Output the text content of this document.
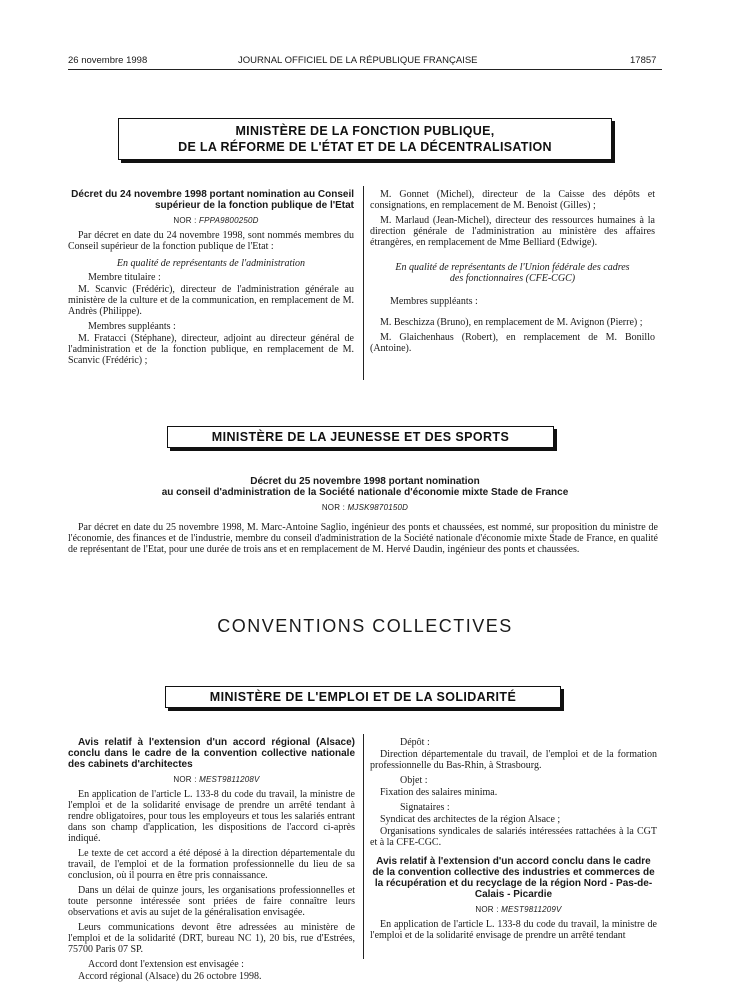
26 novembre 1998	JOURNAL OFFICIEL DE LA RÉPUBLIQUE FRANÇAISE	17857
MINISTÈRE DE LA FONCTION PUBLIQUE,
DE LA RÉFORME DE L'ÉTAT ET DE LA DÉCENTRALISATION

Décret du 24 novembre 1998 portant nomination au Conseil supérieur de la fonction publique de l'Etat

NOR : FPPA9800250D

Par décret en date du 24 novembre 1998, sont nommés membres du Conseil supérieur de la fonction publique de l'Etat :

En qualité de représentants de l'administration

Membre titulaire :

M. Scanvic (Frédéric), directeur de l'administration générale au ministère de la culture et de la communication, en remplacement de M. Andrès (Philippe).

Membres suppléants :

M. Fratacci (Stéphane), directeur, adjoint au directeur général de l'administration et de la fonction publique, en remplacement de M. Scanvic (Frédéric) ;

M. Gonnet (Michel), directeur de la Caisse des dépôts et consignations, en remplacement de M. Benoist (Gilles) ;

M. Marlaud (Jean-Michel), directeur des ressources humaines à la direction générale de l'administration au ministère des affaires étrangères, en remplacement de Mme Belliard (Edwige).

En qualité de représentants de l'Union fédérale des cadres des fonctionnaires (CFE-CGC)

Membres suppléants :

M. Beschizza (Bruno), en remplacement de M. Avignon (Pierre) ;

M. Glaichenhaus (Robert), en remplacement de M. Bonillo (Antoine).

MINISTÈRE DE LA JEUNESSE ET DES SPORTS
Décret du 25 novembre 1998 portant nomination
au conseil d'administration de la Société nationale d'économie mixte Stade de France
NOR : MJSK9870150D

Par décret en date du 25 novembre 1998, M. Marc-Antoine Saglio, ingénieur des ponts et chaussées, est nommé, sur proposition du ministre de l'économie, des finances et de l'industrie, membre du conseil d'administration de la Société nationale d'économie mixte Stade de France, en qualité de représentant de l'Etat, pour une durée de trois ans et en remplacement de M. Hervé Daudin, ingénieur des ponts et chaussées.

CONVENTIONS COLLECTIVES
MINISTÈRE DE L'EMPLOI ET DE LA SOLIDARITÉ

Avis relatif à l'extension d'un accord régional (Alsace) conclu dans le cadre de la convention collective nationale des cabinets d'architectes

NOR : MEST9811208V

En application de l'article L. 133-8 du code du travail, la ministre de l'emploi et de la solidarité envisage de prendre un arrêté tendant à rendre obligatoires, pour tous les employeurs et tous les salariés entrant dans son champ d'application, les dispositions de l'accord ci-après indiqué.

Le texte de cet accord a été déposé à la direction départementale du travail, de l'emploi et de la formation professionnelle du lieu de sa conclusion, où il pourra en être pris connaissance.

Dans un délai de quinze jours, les organisations professionnelles et toute personne intéressée sont priées de faire connaître leurs observations et avis au sujet de la généralisation envisagée.

Leurs communications devont être adressées au ministère de l'emploi et de la solidarité (DRT, bureau NC 1), 20 bis, rue d'Estrées, 75700 Paris 07 SP.

Accord dont l'extension est envisagée :

Accord régional (Alsace) du 26 octobre 1998.

Dépôt :

Direction départementale du travail, de l'emploi et de la formation professionnelle du Bas-Rhin, à Strasbourg.

Objet :

Fixation des salaires minima.

Signataires :

Syndicat des architectes de la région Alsace ;

Organisations syndicales de salariés intéressées rattachées à la CGT et à la CFE-CGC.

Avis relatif à l'extension d'un accord conclu dans le cadre de la convention collective des industries et commerces de la récupération et du recyclage de la région Nord - Pas-de-Calais - Picardie

NOR : MEST9811209V

En application de l'article L. 133-8 du code du travail, la ministre de l'emploi et de la solidarité envisage de prendre un arrêté tendant
